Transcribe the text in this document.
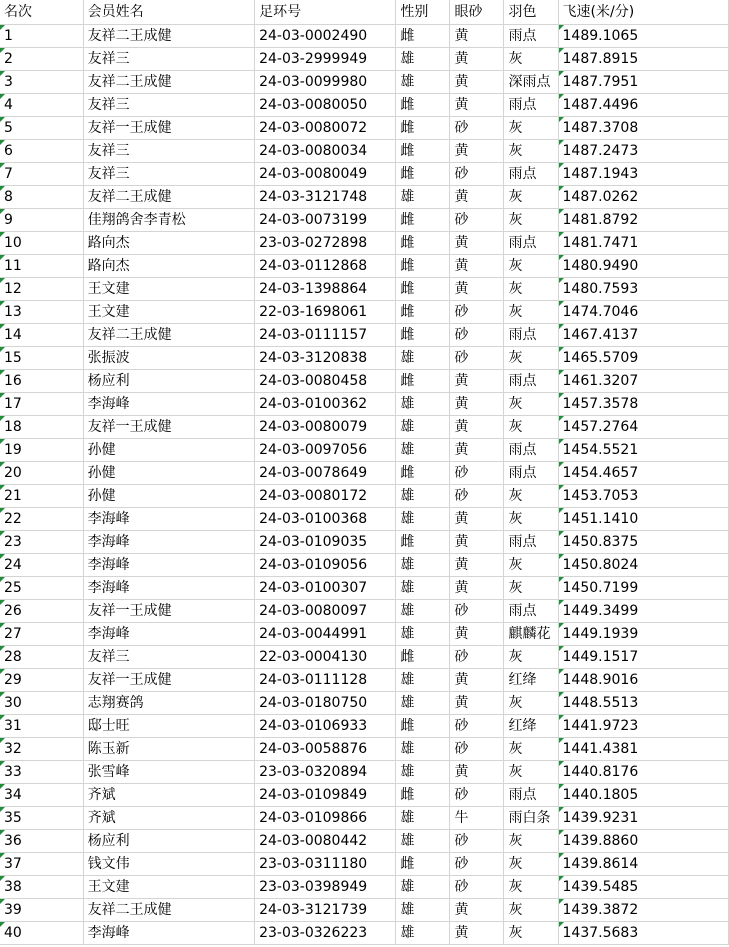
名次	会员姓名	足环号	性别	眼砂	羽色	飞速(米/分)
1	友祥二王成健	24-03-0002490	雌	黄	雨点	1489.1065
2	友祥三	24-03-2999949	雄	黄	灰	1487.8915
3	友祥二王成健	24-03-0099980	雄	黄	深雨点	1487.7951
4	友祥三	24-03-0080050	雌	黄	雨点	1487.4496
5	友祥一王成健	24-03-0080072	雌	砂	灰	1487.3708
6	友祥三	24-03-0080034	雌	黄	灰	1487.2473
7	友祥三	24-03-0080049	雌	砂	雨点	1487.1943
8	友祥二王成健	24-03-3121748	雄	黄	灰	1487.0262
9	佳翔鸽舍李青松	24-03-0073199	雌	砂	灰	1481.8792
10	路向杰	23-03-0272898	雌	黄	雨点	1481.7471
11	路向杰	24-03-0112868	雌	黄	灰	1480.9490
12	王文建	24-03-1398864	雌	黄	灰	1480.7593
13	王文建	22-03-1698061	雌	砂	灰	1474.7046
14	友祥二王成健	24-03-0111157	雌	砂	雨点	1467.4137
15	张振波	24-03-3120838	雄	砂	灰	1465.5709
16	杨应利	24-03-0080458	雌	黄	雨点	1461.3207
17	李海峰	24-03-0100362	雄	黄	灰	1457.3578
18	友祥一王成健	24-03-0080079	雄	黄	灰	1457.2764
19	孙健	24-03-0097056	雄	黄	雨点	1454.5521
20	孙健	24-03-0078649	雌	砂	雨点	1454.4657
21	孙健	24-03-0080172	雄	砂	灰	1453.7053
22	李海峰	24-03-0100368	雄	黄	灰	1451.1410
23	李海峰	24-03-0109035	雌	黄	雨点	1450.8375
24	李海峰	24-03-0109056	雄	黄	灰	1450.8024
25	李海峰	24-03-0100307	雄	黄	灰	1450.7199
26	友祥一王成健	24-03-0080097	雄	砂	雨点	1449.3499
27	李海峰	24-03-0044991	雄	黄	麒麟花	1449.1939
28	友祥三	22-03-0004130	雌	砂	灰	1449.1517
29	友祥一王成健	24-03-0111128	雄	黄	红绛	1448.9016
30	志翔赛鸽	24-03-0180750	雄	黄	灰	1448.5513
31	邸士旺	24-03-0106933	雌	砂	红绛	1441.9723
32	陈玉新	24-03-0058876	雄	砂	灰	1441.4381
33	张雪峰	23-03-0320894	雄	黄	灰	1440.8176
34	齐斌	24-03-0109849	雌	砂	雨点	1440.1805
35	齐斌	24-03-0109866	雄	牛	雨白条	1439.9231
36	杨应利	24-03-0080442	雄	砂	灰	1439.8860
37	钱文伟	23-03-0311180	雌	砂	灰	1439.8614
38	王文建	23-03-0398949	雄	砂	灰	1439.5485
39	友祥二王成健	24-03-3121739	雄	黄	灰	1439.3872
40	李海峰	23-03-0326223	雄	黄	灰	1437.5683
